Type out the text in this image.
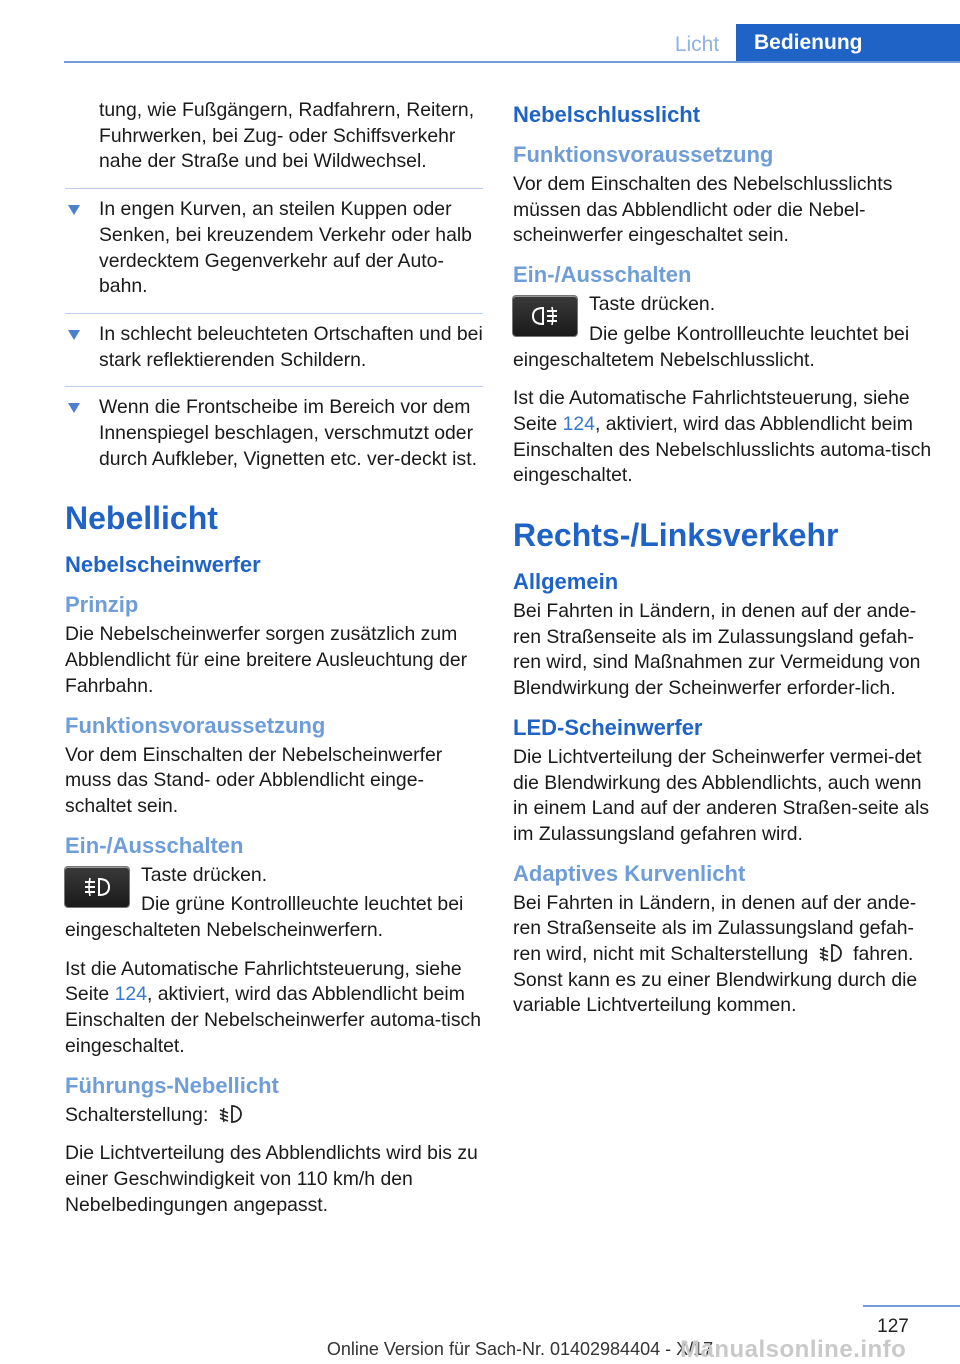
Licht	Bedienung

tung, wie Fußgängern, Radfahrern, Reitern, Fuhrwerken, bei Zug- oder Schiffsverkehr nahe der Straße und bei Wildwechsel.

In engen Kurven, an steilen Kuppen oder Senken, bei kreuzendem Verkehr oder halb verdecktem Gegenverkehr auf der Auto-bahn.

In schlecht beleuchteten Ortschaften und bei stark reflektierenden Schildern.

Wenn die Frontscheibe im Bereich vor dem Innenspiegel beschlagen, verschmutzt oder durch Aufkleber, Vignetten etc. ver-deckt ist.

Nebellicht
Nebelscheinwerfer
Prinzip

Die Nebelscheinwerfer sorgen zusätzlich zum Abblendlicht für eine breitere Ausleuchtung der Fahrbahn.

Funktionsvoraussetzung

Vor dem Einschalten der Nebelscheinwerfer muss das Stand- oder Abblendlicht einge-schaltet sein.

Ein-/Ausschalten
Taste drücken.
Die grüne Kontrollleuchte leuchtet bei eingeschalteten Nebelscheinwerfern.

Ist die Automatische Fahrlichtsteuerung, siehe Seite 124, aktiviert, wird das Abblendlicht beim Einschalten der Nebelscheinwerfer automa-tisch eingeschaltet.

Führungs-Nebellicht

Schalterstellung:

Die Lichtverteilung des Abblendlichts wird bis zu einer Geschwindigkeit von 110 km/h den Nebelbedingungen angepasst.

Nebelschlusslicht
Funktionsvoraussetzung

Vor dem Einschalten des Nebelschlusslichts müssen das Abblendlicht oder die Nebel-scheinwerfer eingeschaltet sein.

Ein-/Ausschalten
Taste drücken.
Die gelbe Kontrollleuchte leuchtet bei eingeschaltetem Nebelschlusslicht.

Ist die Automatische Fahrlichtsteuerung, siehe Seite 124, aktiviert, wird das Abblendlicht beim Einschalten des Nebelschlusslichts automa-tisch eingeschaltet.

Rechts-/Linksverkehr
Allgemein

Bei Fahrten in Ländern, in denen auf der ande-ren Straßenseite als im Zulassungsland gefah-ren wird, sind Maßnahmen zur Vermeidung von Blendwirkung der Scheinwerfer erforder-lich.

LED-Scheinwerfer

Die Lichtverteilung der Scheinwerfer vermei-det die Blendwirkung des Abblendlichts, auch wenn in einem Land auf der anderen Straßen-seite als im Zulassungsland gefahren wird.

Adaptives Kurvenlicht

Bei Fahrten in Ländern, in denen auf der ande-ren Straßenseite als im Zulassungsland gefah-ren wird, nicht mit Schalterstellung  fahren. Sonst kann es zu einer Blendwirkung durch die variable Lichtverteilung kommen.

127
Online Version für Sach-Nr. 01402984404 - X/17
Manualsonline.info
